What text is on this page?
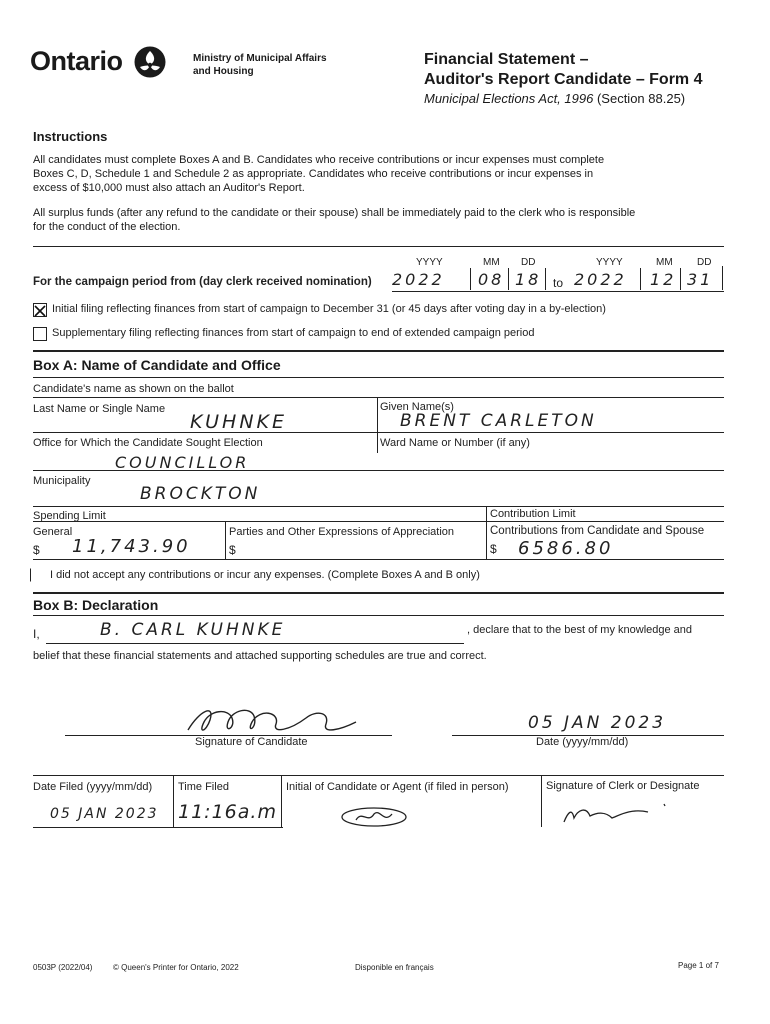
Ontario	Ministry of Municipal Affairs
and Housing
Financial Statement –
Auditor's Report Candidate – Form 4
Municipal Elections Act, 1996 (Section 88.25)
Instructions
All candidates must complete Boxes A and B. Candidates who receive contributions or incur expenses must complete
Boxes C, D, Schedule 1 and Schedule 2 as appropriate. Candidates who receive contributions or incur expenses in
excess of $10,000 must also attach an Auditor's Report.
All surplus funds (after any refund to the candidate or their spouse) shall be immediately paid to the clerk who is responsible
for the conduct of the election.
For the campaign period from (day clerk received nomination)
YYYY	MM DD	YYYY	MM DD
2022 08 18 to 2022 12 31
Initial filing reflecting finances from start of campaign to December 31 (or 45 days after voting day in a by-election)
Supplementary filing reflecting finances from start of campaign to end of extended campaign period
Box A: Name of Candidate and Office
Candidate's name as shown on the ballot
Last Name or Single Name
KUHNKE
Given Name(s)
BRENT CARLETON
Office for Which the Candidate Sought Election
COUNCILLOR
Ward Name or Number (if any)
Municipality
BROCKTON
Spending Limit	Contribution Limit
General	Parties and Other Expressions of Appreciation	Contributions from Candidate and Spouse
$ 11,743.90	$	$ 6586.80
I did not accept any contributions or incur any expenses. (Complete Boxes A and B only)
Box B: Declaration
I,	B. CARL KUHNKE	, declare that to the best of my knowledge and
belief that these financial statements and attached supporting schedules are true and correct.
05 JAN 2023
Signature of Candidate	Date (yyyy/mm/dd)
Date Filed (yyyy/mm/dd) Time Filed	Initial of Candidate or Agent (if filed in person)	Signature of Clerk or Designate
05 JAN 2023 11:16a.m
0503P (2022/04)	© Queen's Printer for Ontario, 2022	Disponible en français	Page 1 of 7
